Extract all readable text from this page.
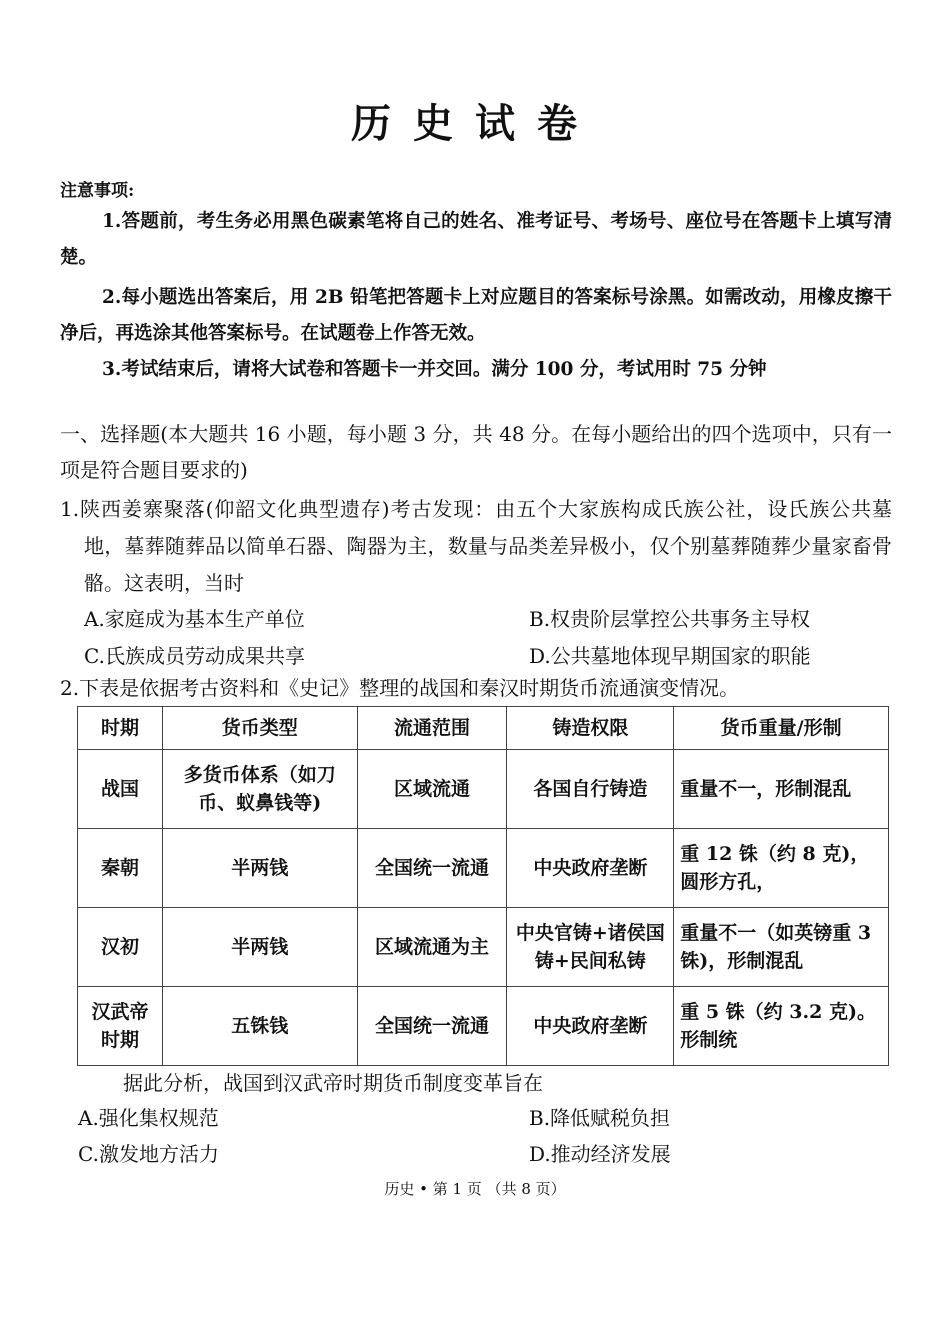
历史试卷
注意事项:
1.答题前，考生务必用黑色碳素笔将自己的姓名、准考证号、考场号、座位号在答题卡上填写清楚。
2.每小题选出答案后，用 2B 铅笔把答题卡上对应题目的答案标号涂黑。如需改动，用橡皮擦干净后，再选涂其他答案标号。在试题卷上作答无效。
3.考试结束后，请将大试卷和答题卡一并交回。满分 100 分，考试用时 75 分钟
一、选择题(本大题共 16 小题，每小题 3 分，共 48 分。在每小题给出的四个选项中，只有一项是符合题目要求的)
1.陕西姜寨聚落(仰韶文化典型遗存)考古发现：由五个大家族构成氏族公社，设氏族公共墓地，墓葬随葬品以简单石器、陶器为主，数量与品类差异极小，仅个别墓葬随葬少量家畜骨骼。这表明，当时
A.家庭成为基本生产单位	B.权贵阶层掌控公共事务主导权
C.氏族成员劳动成果共享	D.公共墓地体现早期国家的职能
2.下表是依据考古资料和《史记》整理的战国和秦汉时期货币流通演变情况。
时期	货币类型	流通范围	铸造权限	货币重量/形制
战国	多货币体系（如刀币、蚁鼻钱等)	区域流通	各国自行铸造	重量不一，形制混乱
秦朝	半两钱	全国统一流通	中央政府垄断	重 12 铢（约 8 克)，圆形方孔，
汉初	半两钱	区域流通为主	中央官铸+诸侯国铸+民间私铸	重量不一（如英镑重 3 铢)，形制混乱
汉武帝时期	五铢钱	全国统一流通	中央政府垄断	重 5 铢（约 3.2 克)。形制统
据此分析，战国到汉武帝时期货币制度变革旨在
A.强化集权规范	B.降低赋税负担
C.激发地方活力	D.推动经济发展
历史 • 第 1 页 （共 8 页）
